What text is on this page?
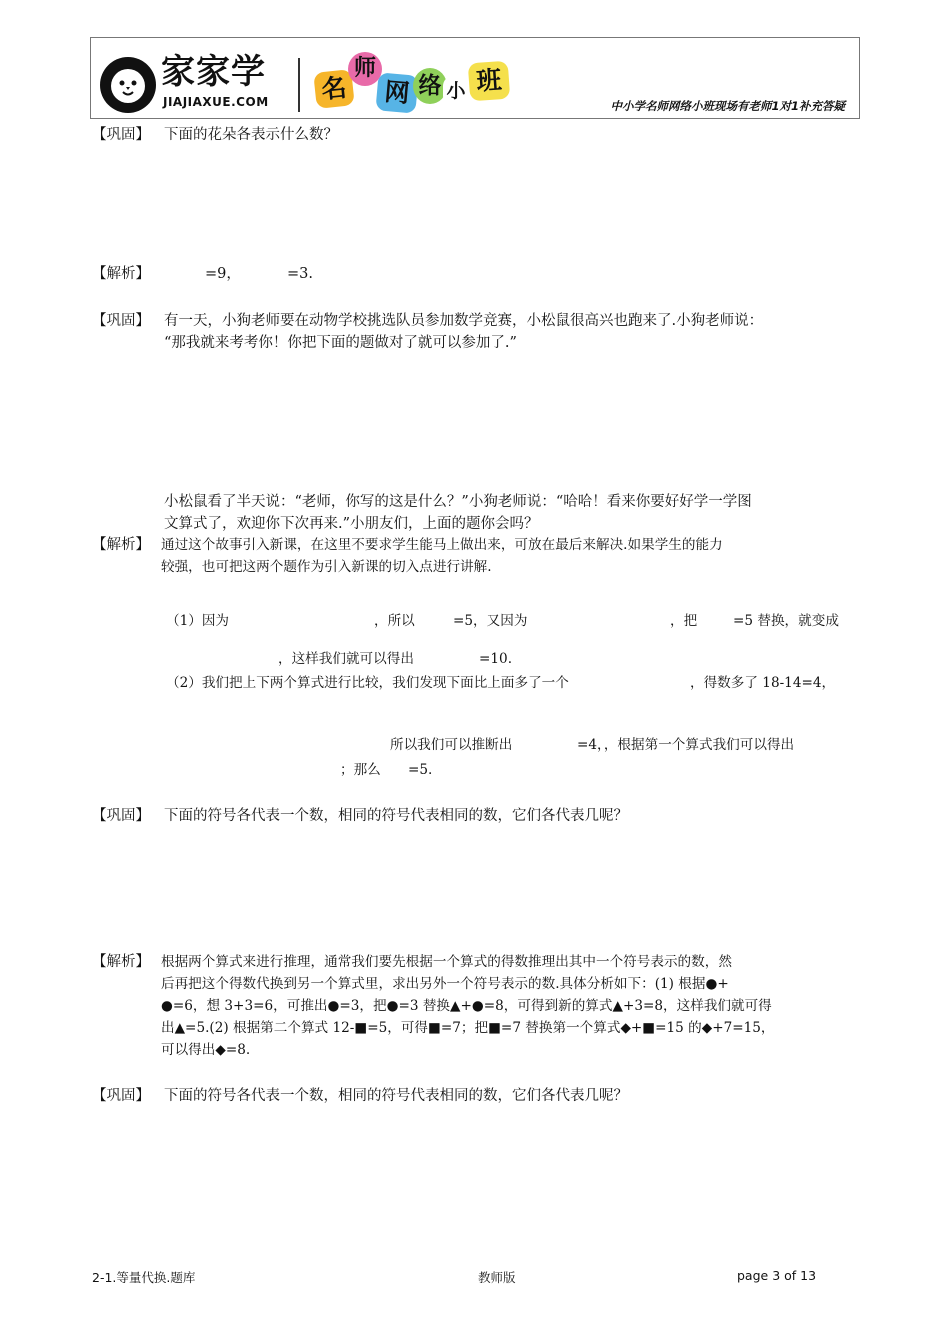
家家学
JIAJIAXUE.COM 名
师
网 络 小 班
中小学名师网络小班现场有老师1对1补充答疑
【巩固】 下面的花朵各表示什么数？
【解析】	=9，	=3.
【巩固】 有一天，小狗老师要在动物学校挑选队员参加数学竞赛，小松鼠很高兴也跑来了.小狗老师说：
“那我就来考考你！你把下面的题做对了就可以参加了.”
小松鼠看了半天说：“老师，你写的这是什么？”小狗老师说：“哈哈！看来你要好好学一学图
文算式了，欢迎你下次再来.”小朋友们，上面的题你会吗？
【解析】 通过这个故事引入新课，在这里不要求学生能马上做出来，可放在最后来解决.如果学生的能力
较强，也可把这两个题作为引入新课的切入点进行讲解.
（1）因为	，所以	=5，又因为	，把	=5 替换，就变成
，这样我们就可以得出	=10.
（2）我们把上下两个算式进行比较，我们发现下面比上面多了一个	，得数多了 18-14=4，
所以我们可以推断出	=4，，根据第一个算式我们可以得出
；那么 =5.
【巩固】 下面的符号各代表一个数，相同的符号代表相同的数，它们各代表几呢？
【解析】 根据两个算式来进行推理，通常我们要先根据一个算式的得数推理出其中一个符号表示的数，然
后再把这个得数代换到另一个算式里，求出另外一个符号表示的数.具体分析如下：(1) 根据●+
●=6，想 3+3=6，可推出●=3，把●=3 替换▲+●=8，可得到新的算式▲+3=8，这样我们就可得
出▲=5.(2) 根据第二个算式 12-■=5，可得■=7；把■=7 替换第一个算式◆+■=15 的◆+7=15，
可以得出◆=8.
【巩固】 下面的符号各代表一个数，相同的符号代表相同的数，它们各代表几呢？
2-1.等量代换.题库	教师版	page 3 of 13
